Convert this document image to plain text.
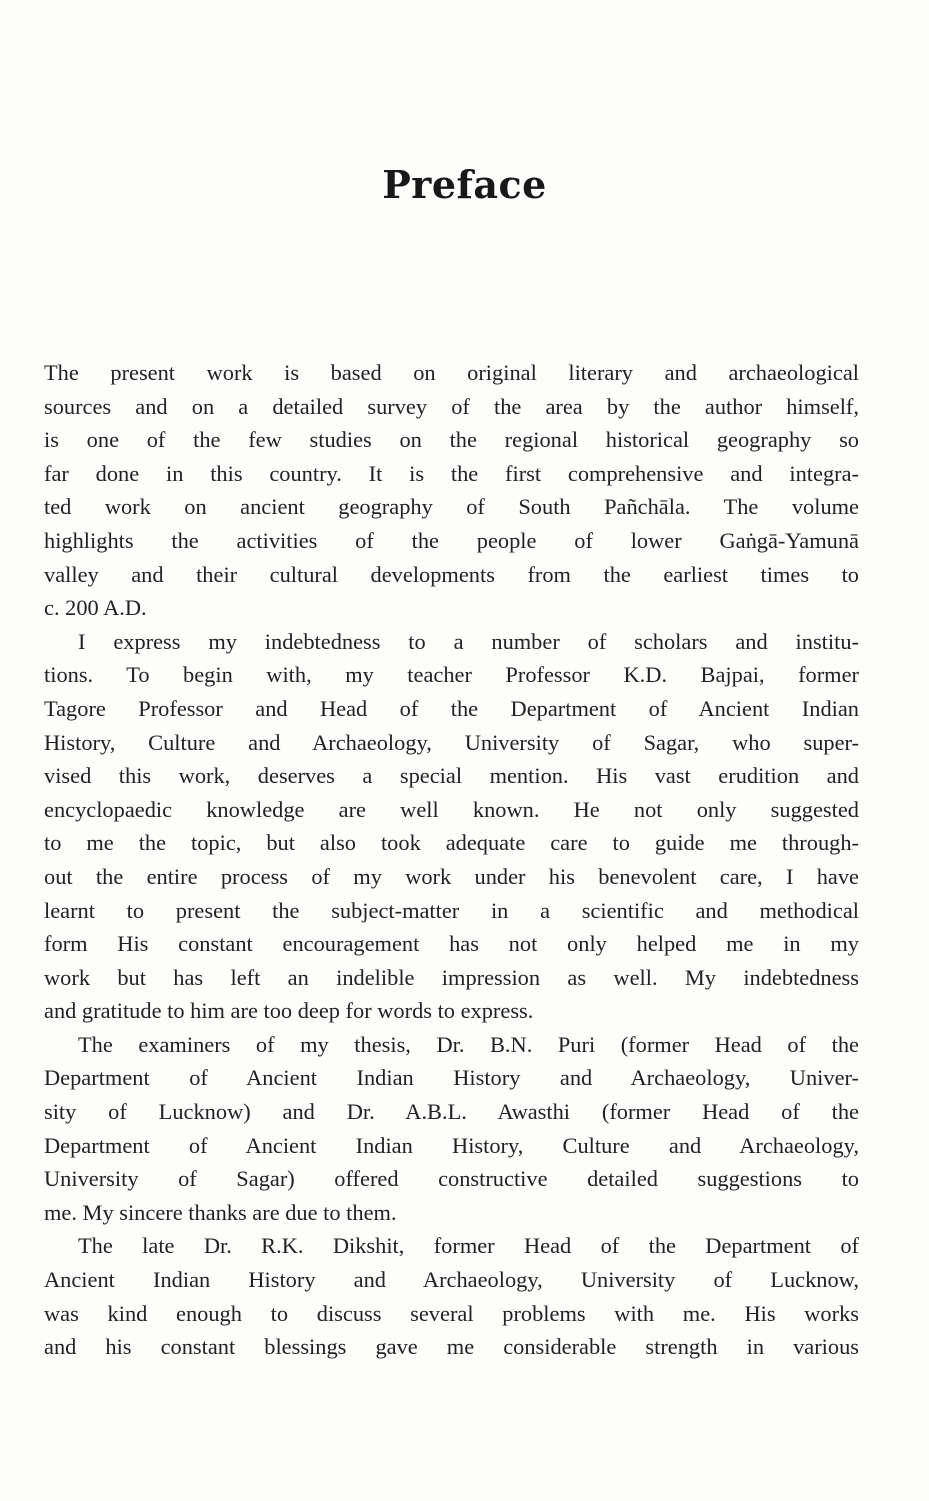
Preface

The present work is based on original literary and archaeological
sources and on a detailed survey of the area by the author himself,
is one of the few studies on the regional historical geography so
far done in this country. It is the first comprehensive and integra-
ted work on ancient geography of South Pañchāla. The volume
highlights the activities of the people of lower Gaṅgā-Yamunā
valley and their cultural developments from the earliest times to
c. 200 A.D.

I express my indebtedness to a number of scholars and institu-
tions. To begin with, my teacher Professor K.D. Bajpai, former
Tagore Professor and Head of the Department of Ancient Indian
History, Culture and Archaeology, University of Sagar, who super-
vised this work, deserves a special mention. His vast erudition and
encyclopaedic knowledge are well known. He not only suggested
to me the topic, but also took adequate care to guide me through-
out the entire process of my work under his benevolent care, I have
learnt to present the subject-matter in a scientific and methodical
form His constant encouragement has not only helped me in my
work but has left an indelible impression as well. My indebtedness
and gratitude to him are too deep for words to express.

The examiners of my thesis, Dr. B.N. Puri (former Head of the
Department of Ancient Indian History and Archaeology, Univer-
sity of Lucknow) and Dr. A.B.L. Awasthi (former Head of the
Department of Ancient Indian History, Culture and Archaeology,
University of Sagar) offered constructive detailed suggestions to
me. My sincere thanks are due to them.

The late Dr. R.K. Dikshit, former Head of the Department of
Ancient Indian History and Archaeology, University of Lucknow,
was kind enough to discuss several problems with me. His works
and his constant blessings gave me considerable strength in various
